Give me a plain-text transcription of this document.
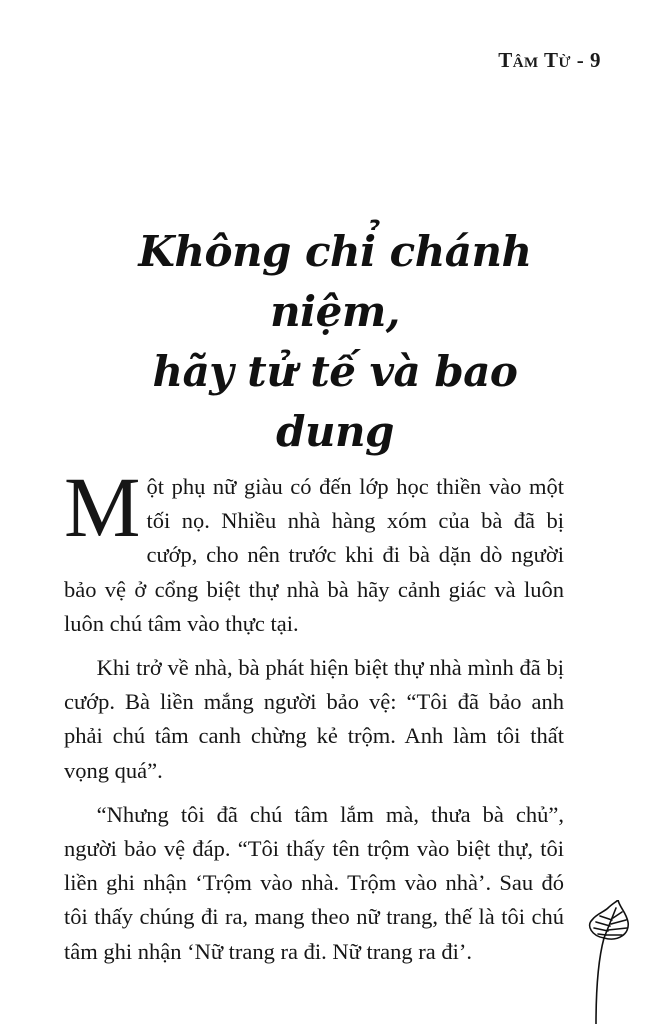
Tâm Từ - 9
Không chỉ chánh niệm,
hãy tử tế và bao dung

Một phụ nữ giàu có đến lớp học thiền vào một tối nọ. Nhiều nhà hàng xóm của bà đã bị cướp, cho nên trước khi đi bà dặn dò người bảo vệ ở cổng biệt thự nhà bà hãy cảnh giác và luôn luôn chú tâm vào thực tại.

Khi trở về nhà, bà phát hiện biệt thự nhà mình đã bị cướp. Bà liền mắng người bảo vệ: “Tôi đã bảo anh phải chú tâm canh chừng kẻ trộm. Anh làm tôi thất vọng quá”.

“Nhưng tôi đã chú tâm lắm mà, thưa bà chủ”, người bảo vệ đáp. “Tôi thấy tên trộm vào biệt thự, tôi liền ghi nhận ‘Trộm vào nhà. Trộm vào nhà’. Sau đó tôi thấy chúng đi ra, mang theo nữ trang, thế là tôi chú tâm ghi nhận ‘Nữ trang ra đi. Nữ trang ra đi’.
